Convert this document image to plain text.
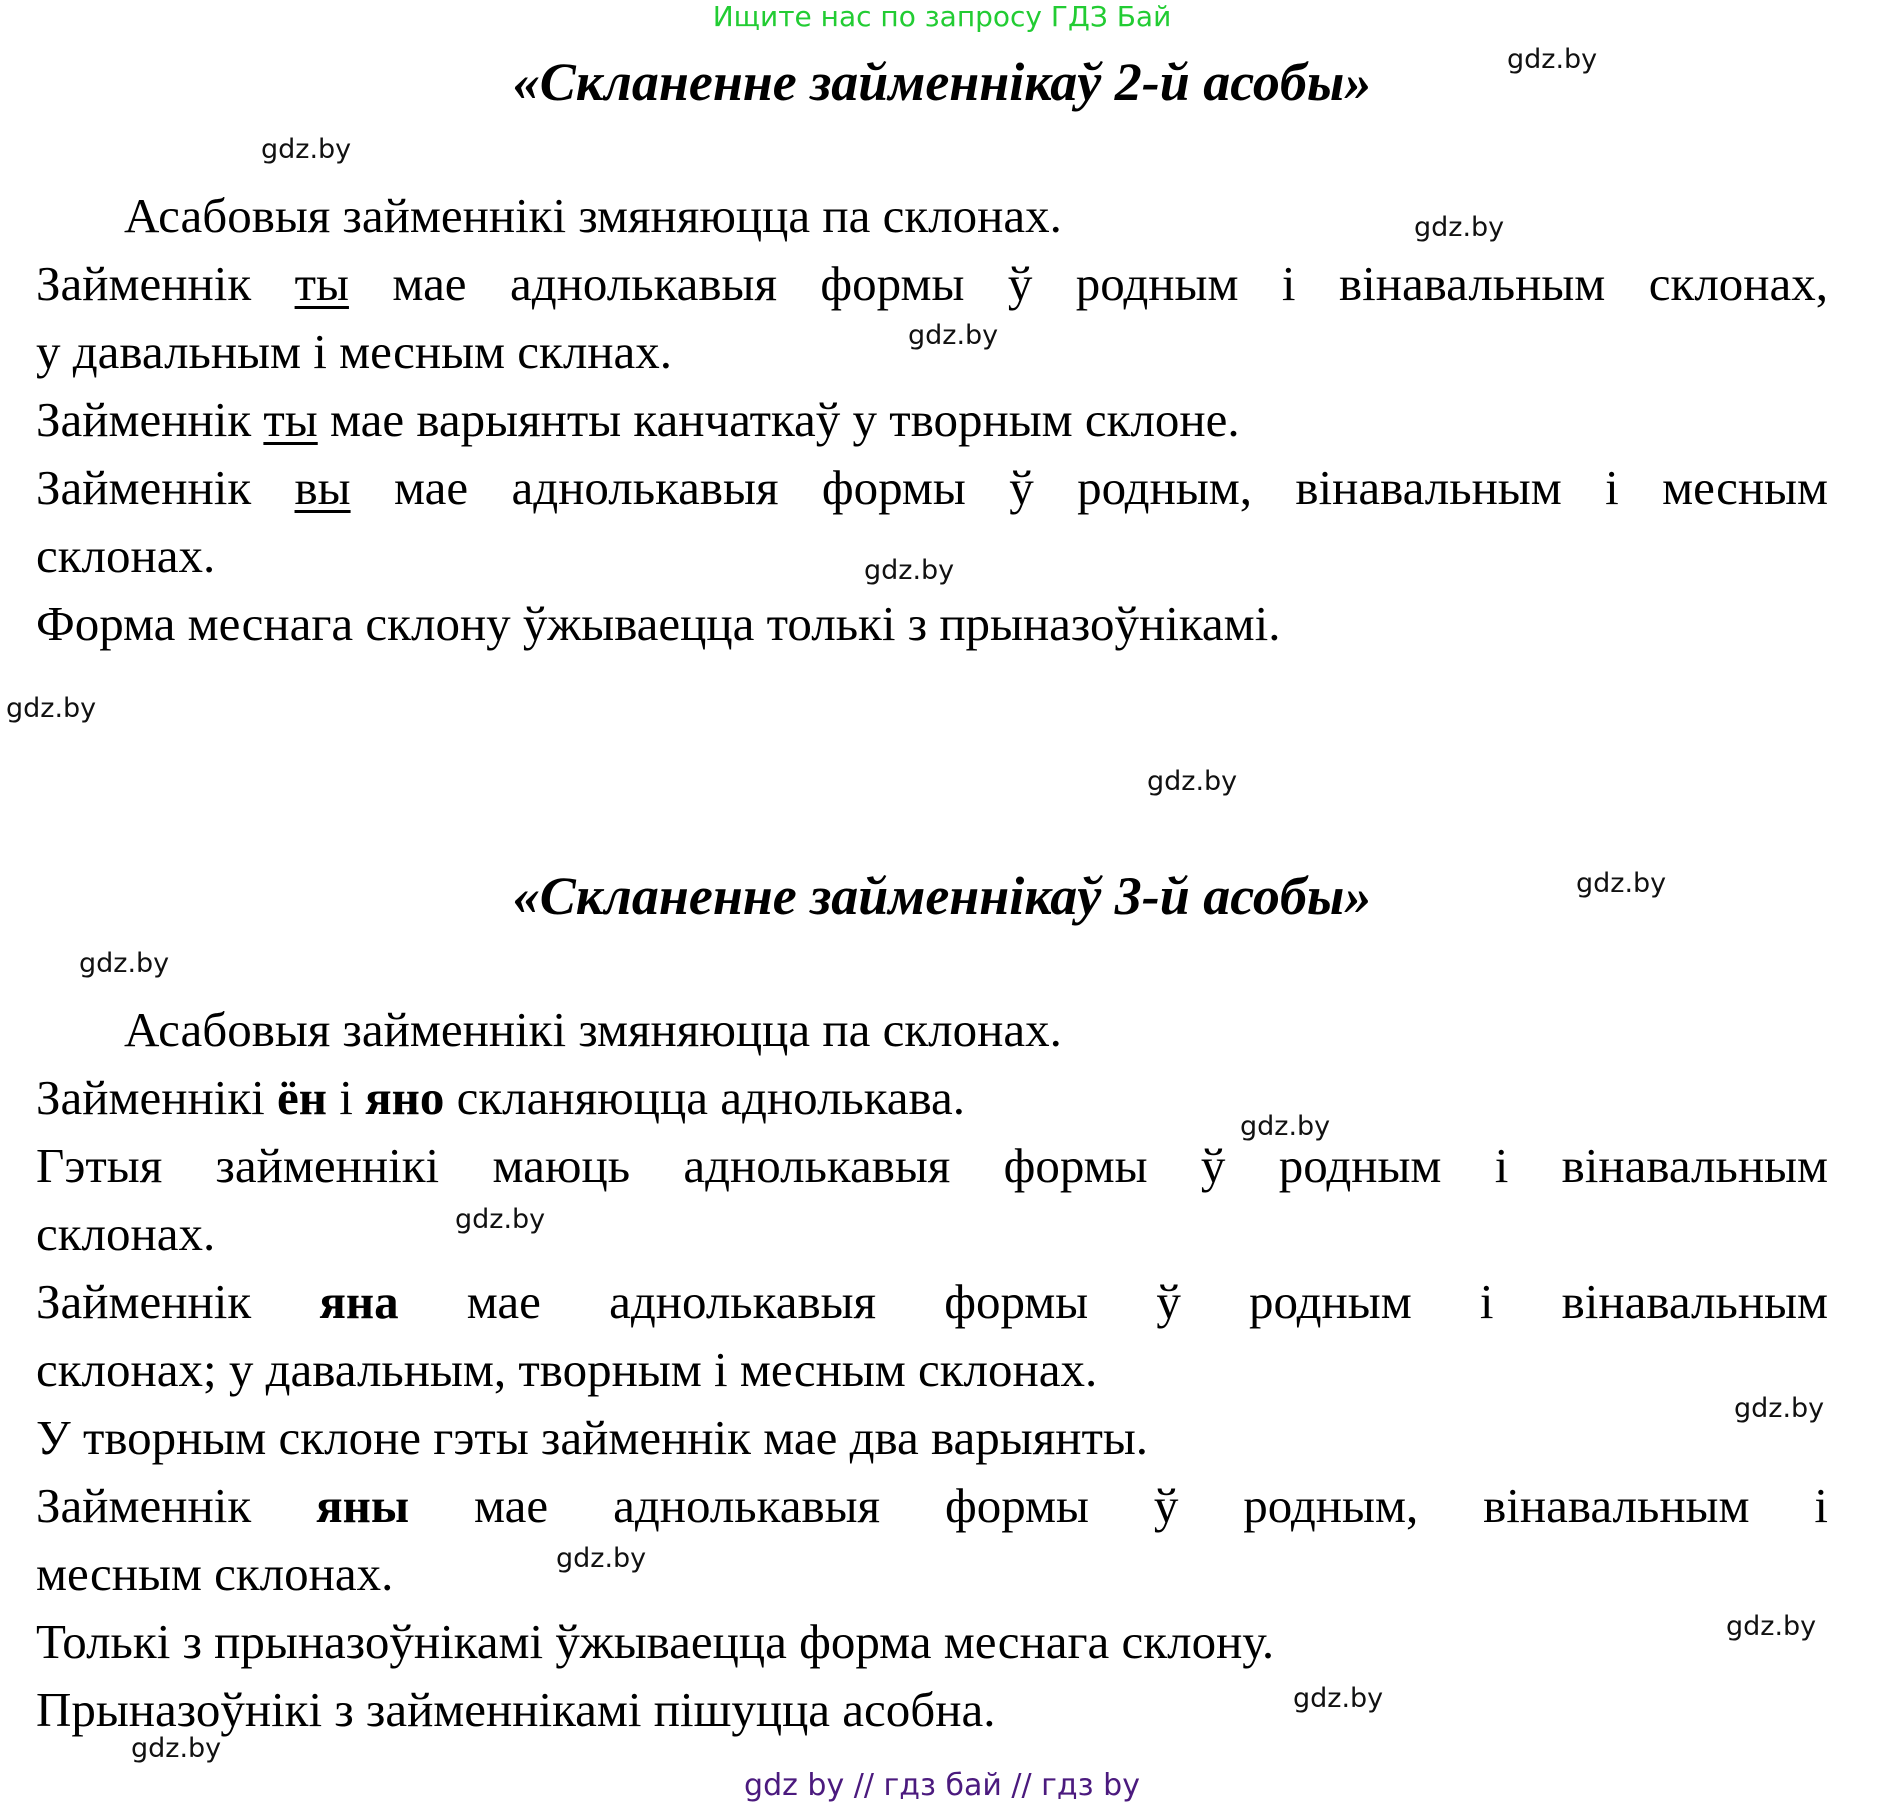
Ищите нас по запросу ГДЗ Бай
«Скланенне займеннікаў 2-й асобы»
Асабовыя займеннікі змяняюцца па склонах.
Займеннік ты мае аднолькавыя формы ў родным і вінавальным склонах,
у давальным і месным склнах.
Займеннік ты мае варыянты канчаткаў у творным склоне.
Займеннік вы мае аднолькавыя формы ў родным, вінавальным і месным
склонах.
Форма меснага склону ўжываецца толькі з прыназоўнікамі.
«Скланенне займеннікаў 3-й асобы»
Асабовыя займеннікі змяняюцца па склонах.
Займеннікі ён і яно скланяюцца аднолькава.
Гэтыя займеннікі маюць аднолькавыя формы ў родным і вінавальным
склонах.
Займеннік яна мае аднолькавыя формы ў родным і вінавальным
склонах; у давальным, творным і месным склонах.
У творным склоне гэты займеннік мае два варыянты.
Займеннік яны мае аднолькавыя формы ў родным, вінавальным і
месным склонах.
Толькі з прыназоўнікамі ўжываецца форма меснага склону.
Прыназоўнікі з займеннікамі пішуцца асобна.
gdz.by
gdz.by
gdz.by
gdz.by
gdz.by
gdz.by
gdz.by
gdz.by
gdz.by
gdz.by
gdz.by
gdz.by
gdz.by
gdz.by
gdz.by
gdz.by
gdz by // гдз бай // гдз by
